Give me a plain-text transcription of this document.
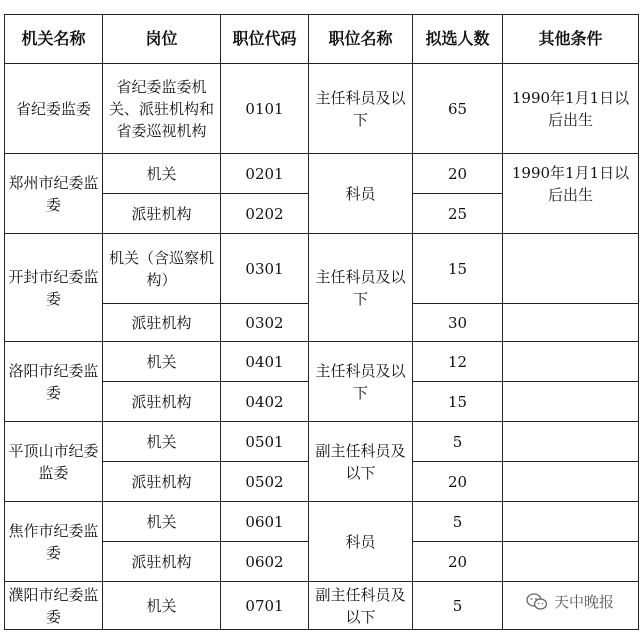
机关名称	岗位	职位代码	职位名称	拟选人数	其他条件
省纪委监委	省纪委监委机关、派驻机构和省委巡视机构	0101	主任科员及以下	65	1990年1月1日以后出生
郑州市纪委监委	机关	0201	科员	20	1990年1月1日以后出生
	派驻机构	0202		25	
开封市纪委监委	机关（含巡察机构）	0301	主任科员及以下	15	
	派驻机构	0302		30	
洛阳市纪委监委	机关	0401	主任科员及以下	12	
	派驻机构	0402		15	
平顶山市纪委监委	机关	0501	副主任科员及以下	5	
	派驻机构	0502		20	
焦作市纪委监委	机关	0601	科员	5	
	派驻机构	0602		20	
濮阳市纪委监委	机关	0701	副主任科员及以下	5		天中晚报
